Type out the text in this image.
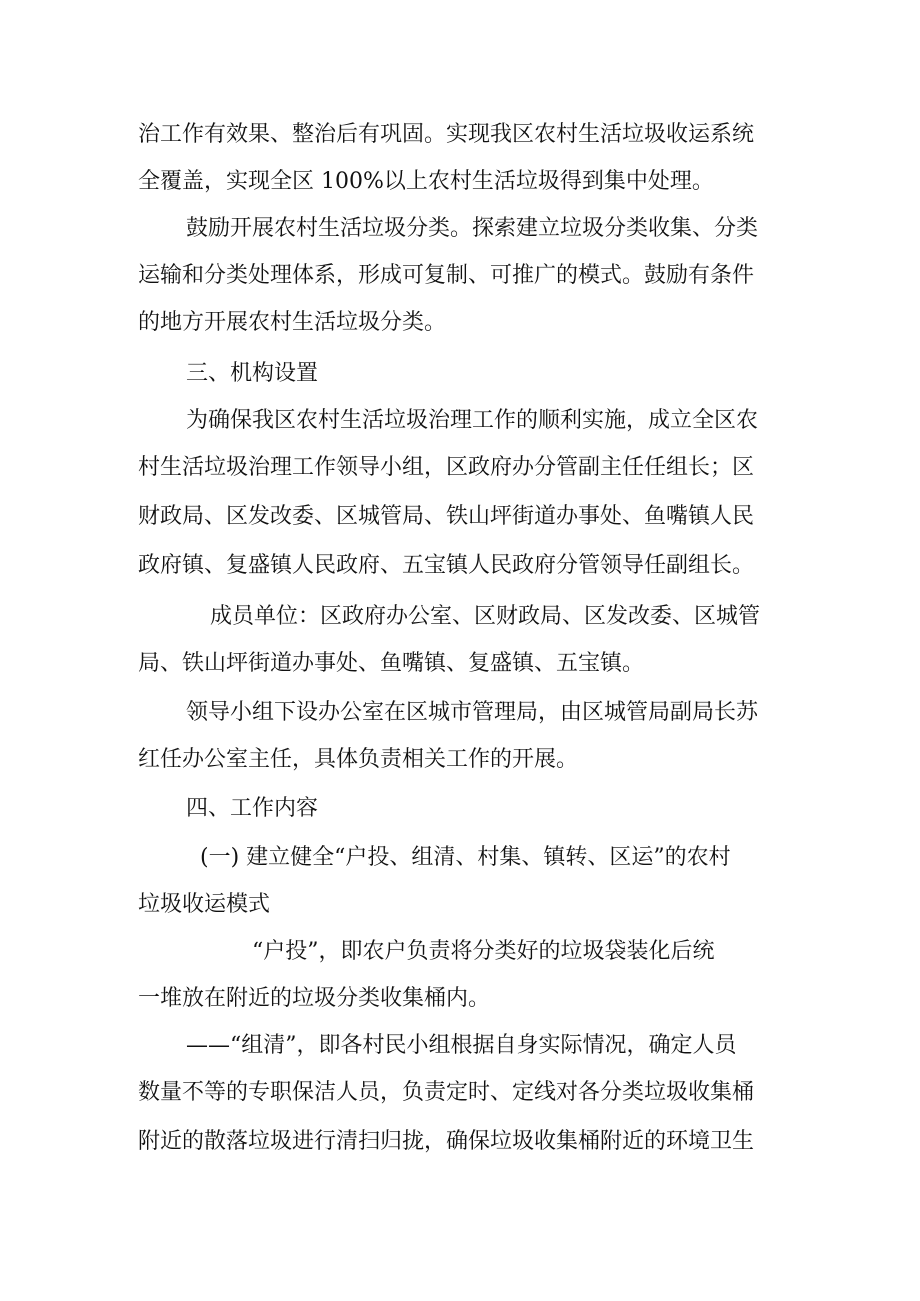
治工作有效果、整治后有巩固。实现我区农村生活垃圾收运系统

全覆盖，实现全区 100%以上农村生活垃圾得到集中处理。

鼓励开展农村生活垃圾分类。探索建立垃圾分类收集、分类

运输和分类处理体系，形成可复制、可推广的模式。鼓励有条件

的地方开展农村生活垃圾分类。

三、机构设置

为确保我区农村生活垃圾治理工作的顺利实施，成立全区农

村生活垃圾治理工作领导小组，区政府办分管副主任任组长；区

财政局、区发改委、区城管局、铁山坪街道办事处、鱼嘴镇人民

政府镇、复盛镇人民政府、五宝镇人民政府分管领导任副组长。

成员单位：区政府办公室、区财政局、区发改委、区城管

局、铁山坪街道办事处、鱼嘴镇、复盛镇、五宝镇。

领导小组下设办公室在区城市管理局，由区城管局副局长苏

红任办公室主任，具体负责相关工作的开展。

四、工作内容

(一) 建立健全“户投、组清、村集、镇转、区运”的农村

垃圾收运模式

“户投”，即农户负责将分类好的垃圾袋装化后统

一堆放在附近的垃圾分类收集桶内。

——“组清”，即各村民小组根据自身实际情况，确定人员

数量不等的专职保洁人员，负责定时、定线对各分类垃圾收集桶

附近的散落垃圾进行清扫归拢，确保垃圾收集桶附近的环境卫生
